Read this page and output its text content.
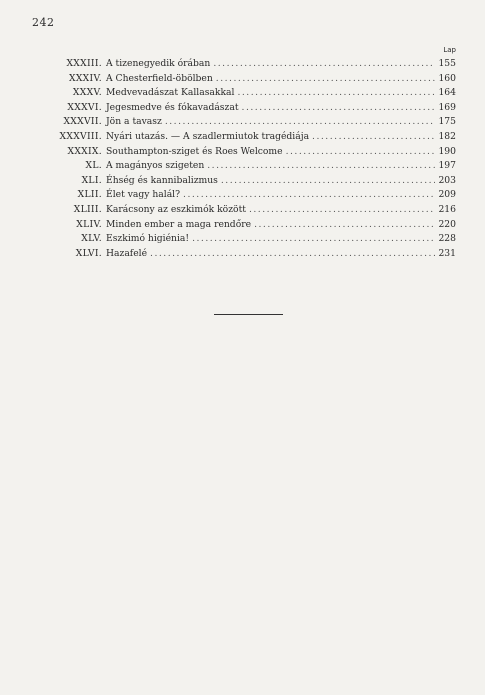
242
Lap
XXXIII. A tizenegyedik órában .....	155
XXXIV. A Chesterfield-öbölben .....	160
XXXV. Medvevadászat Kallasakkal .....	164
XXXVI. Jegesmedve és fókavadászat .....	169
XXXVII. Jön a tavasz .....	175
XXXVIII. Nyári utazás. — A szadlermiutok tragédiája .....	182
XXXIX. Southampton-sziget és Roes Welcome .....	190
XL. A magányos szigeten .....	197
XLI. Éhség és kannibalizmus .....	203
XLII. Élet vagy halál? .....	209
XLIII. Karácsony az eszkimók között .....	216
XLIV. Minden ember a maga rendőre .....	220
XLV. Eszkimó higiénia! .....	228
XLVI. Hazafelé .....	231
